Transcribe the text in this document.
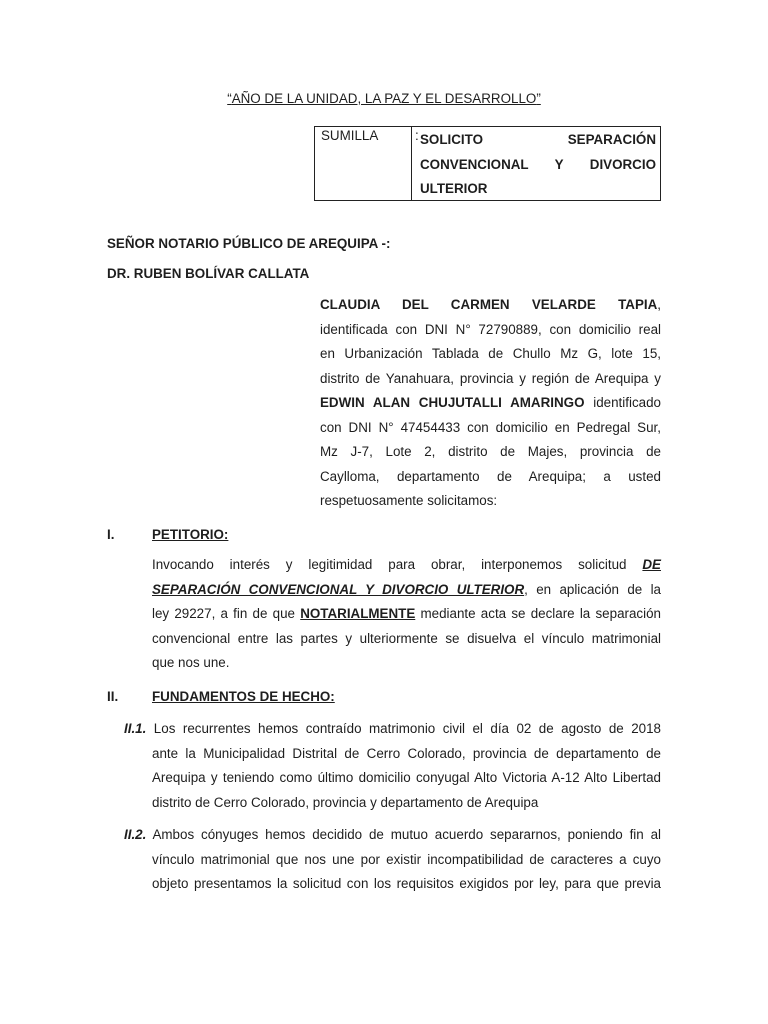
“AÑO DE LA UNIDAD, LA PAZ Y EL DESARROLLO”
SUMILLA	: SOLICITO SEPARACIÓN
CONVENCIONAL Y DIVORCIO
ULTERIOR
SEÑOR NOTARIO PÚBLICO DE AREQUIPA -:
DR. RUBEN BOLÍVAR CALLATA
CLAUDIA DEL CARMEN VELARDE TAPIA,
identificada con DNI N° 72790889, con domicilio real
en Urbanización Tablada de Chullo Mz G, lote 15,
distrito de Yanahuara, provincia y región de Arequipa y
EDWIN ALAN CHUJUTALLI AMARINGO identificado
con DNI N° 47454433 con domicilio en Pedregal Sur,
Mz J-7, Lote 2, distrito de Majes, provincia de
Caylloma, departamento de Arequipa; a usted
respetuosamente solicitamos:
I.	PETITORIO:
Invocando interés y legitimidad para obrar, interponemos solicitud DE
SEPARACIÓN CONVENCIONAL Y DIVORCIO ULTERIOR, en aplicación de la
ley 29227, a fin de que NOTARIALMENTE mediante acta se declare la separación
convencional entre las partes y ulteriormente se disuelva el vínculo matrimonial
que nos une.
II.	FUNDAMENTOS DE HECHO:
II.1. Los recurrentes hemos contraído matrimonio civil el día 02 de agosto de 2018
ante la Municipalidad Distrital de Cerro Colorado, provincia de departamento de
Arequipa y teniendo como último domicilio conyugal Alto Victoria A-12 Alto Libertad
distrito de Cerro Colorado, provincia y departamento de Arequipa
II.2. Ambos cónyuges hemos decidido de mutuo acuerdo separarnos, poniendo fin al
vínculo matrimonial que nos une por existir incompatibilidad de caracteres a cuyo
objeto presentamos la solicitud con los requisitos exigidos por ley, para que previa
